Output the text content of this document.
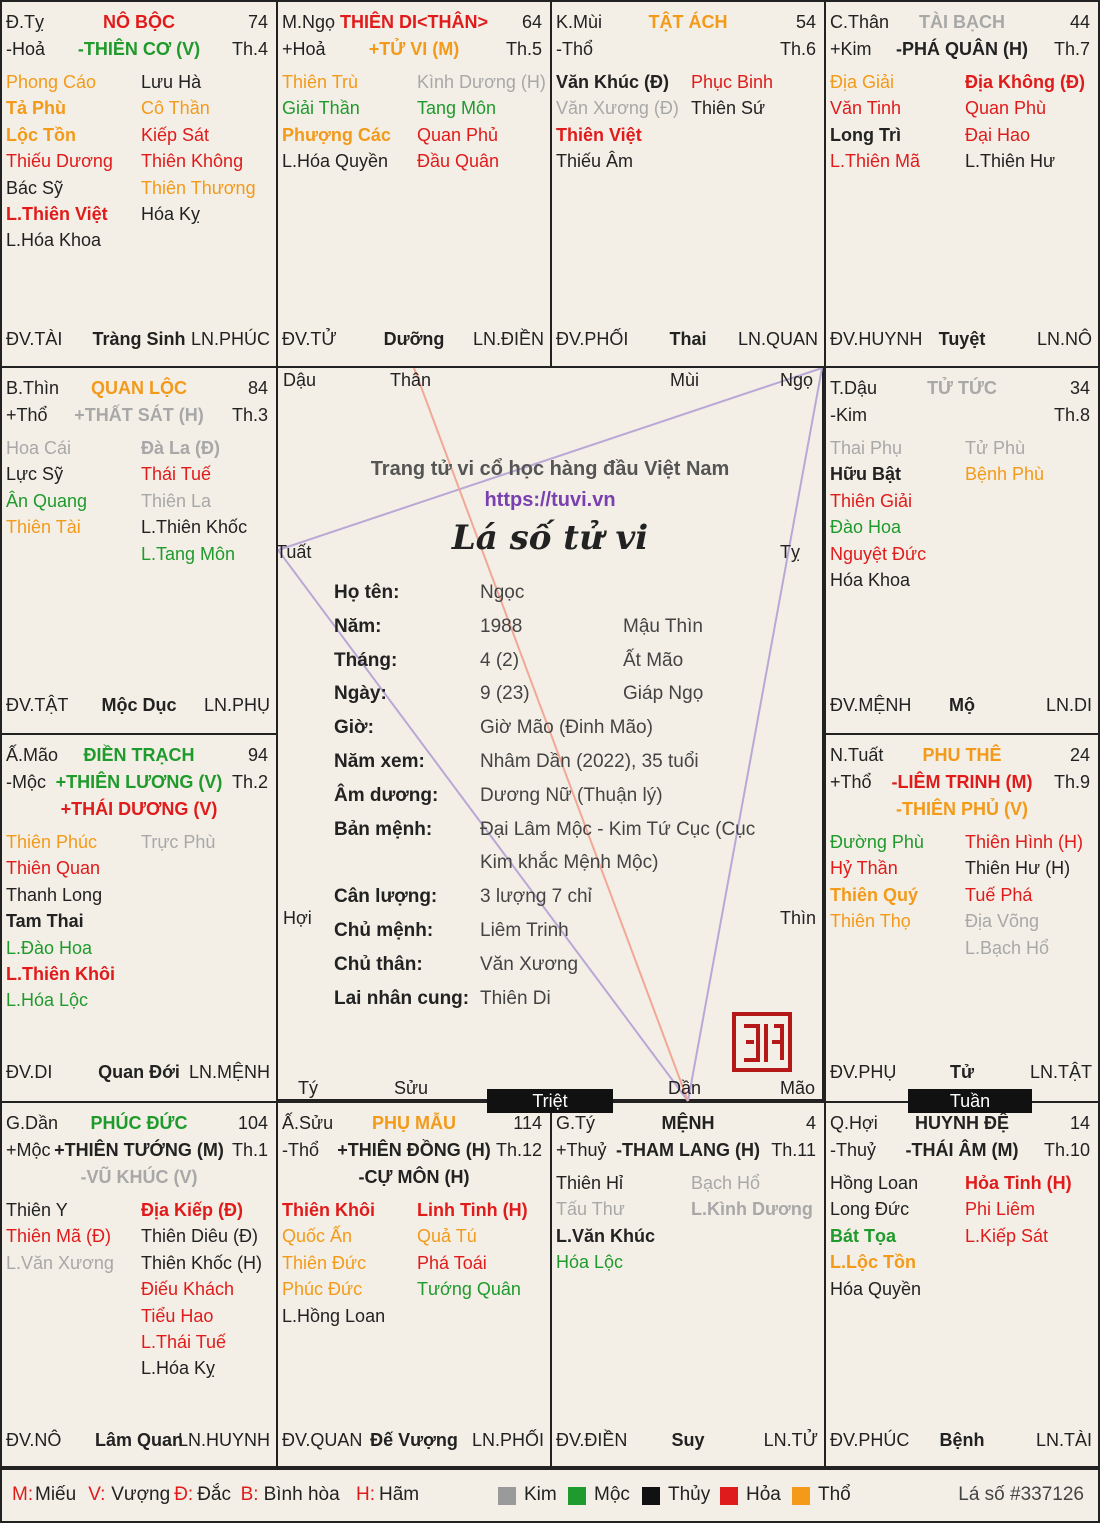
Đ.Tỵ
-Hoả
NÔ BỘC	74
Th.4
-THIÊN CƠ (V)
Phong Cáo
Tả Phù
Lộc Tồn
Thiếu Dương
Bác Sỹ
L.Thiên Việt
L.Hóa Khoa
Lưu Hà
Cô Thần
Kiếp Sát
Thiên Không
Thiên Thương
Hóa Kỵ
ĐV.TÀI	Tràng Sinh LN.PHÚC
M.Ngọ
+Hoả
THIÊN DI<THÂN>	64
Th.5
+TỬ VI (M)
Thiên Trù
Giải Thần
Phượng Các
L.Hóa Quyền
Kình Dương (H)
Tang Môn
Quan Phủ
Đầu Quân
ĐV.TỬ	Dưỡng	LN.ĐIỀN
K.Mùi
-Thổ
TẬT ÁCH	54
Th.6
Văn Khúc (Đ)
Văn Xương (Đ)
Thiên Việt
Thiếu Âm
Phục Binh
Thiên Sứ
ĐV.PHỐI	Thai	LN.QUAN
C.Thân
+Kim
TÀI BẠCH	44
Th.7
-PHÁ QUÂN (H)
Địa Giải
Văn Tinh
Long Trì
L.Thiên Mã
Địa Không (Đ)
Quan Phù
Đại Hao
L.Thiên Hư
ĐV.HUYNH Tuyệt	LN.NÔ
B.Thìn
+Thổ
QUAN LỘC	84
Th.3
+THẤT SÁT (H)
Hoa Cái
Lực Sỹ
Ân Quang
Thiên Tài
Đà La (Đ)
Thái Tuế
Thiên La
L.Thiên Khốc
L.Tang Môn
ĐV.TẬT	Mộc Dục	LN.PHỤ
T.Dậu
-Kim
TỬ TỨC	34
Th.8
Thai Phụ
Hữu Bật
Thiên Giải
Đào Hoa
Nguyệt Đức
Hóa Khoa
Tử Phù
Bệnh Phù
ĐV.MỆNH	Mộ	LN.DI
Ấ.Mão
-Mộc
ĐIỀN TRẠCH	94
Th.2
+THIÊN LƯƠNG (V)
+THÁI DƯƠNG (V)
Thiên Phúc
Thiên Quan
Thanh Long
Tam Thai
L.Đào Hoa
L.Thiên Khôi
L.Hóa Lộc
Trực Phù
ĐV.DI	Quan Đới LN.MỆNH
N.Tuất
+Thổ
PHU THÊ	24
Th.9
-LIÊM TRINH (M)
-THIÊN PHỦ (V)
Đường Phù
Hỷ Thần
Thiên Quý
Thiên Thọ
Thiên Hình (H)
Thiên Hư (H)
Tuế Phá
Địa Võng
L.Bạch Hổ
ĐV.PHỤ	Tử	LN.TẬT
G.Dần
+Mộc
PHÚC ĐỨC	104
Th.1
+THIÊN TƯỚNG (M)
-VŨ KHÚC (V)
Thiên Y
Thiên Mã (Đ)
L.Văn Xương
Địa Kiếp (Đ)
Thiên Diêu (Đ)
Thiên Khốc (H)
Điếu Khách
Tiểu Hao
L.Thái Tuế
L.Hóa Kỵ
ĐV.NÔ	Lâm Quan
LN.HUYNH
Ấ.Sửu
-Thổ
PHỤ MẪU	114
Th.12
+THIÊN ĐỒNG (H)
-CỰ MÔN (H)
Thiên Khôi
Quốc Ấn
Thiên Đức
Phúc Đức
L.Hồng Loan
Linh Tinh (H)
Quả Tú
Phá Toái
Tướng Quân
ĐV.QUAN Đế Vượng LN.PHỐI
G.Tý
+Thuỷ
MỆNH	4
Th.11
-THAM LANG (H)
Thiên Hỉ
Tấu Thư
L.Văn Khúc
Hóa Lộc
Bạch Hổ
L.Kình Dương
ĐV.ĐIỀN	Suy	LN.TỬ
Q.Hợi
-Thuỷ
HUYNH ĐỆ	14
Th.10
-THÁI ÂM (M)
Hồng Loan
Long Đức
Bát Tọa
L.Lộc Tồn
Hóa Quyền
Hỏa Tinh (H)
Phi Liêm
L.Kiếp Sát
ĐV.PHÚC	Bệnh	LN.TÀI
Dậu	Thân	Mùi	Ngọ
Tuất	Tỵ
Hợi	Thìn
Tý	Sửu	Dần	Mão
Trang tử vi cổ học hàng đầu Việt Nam
https://tuvi.vn
Lá số tử vi
Họ tên:	Ngọc
Năm:	1988	Mậu Thìn
Tháng:	4 (2)	Ất Mão
Ngày:	9 (23)	Giáp Ngọ
Giờ:	Giờ Mão (Đinh Mão)
Năm xem:	Nhâm Dần (2022), 35 tuổi
Âm dương: Dương Nữ (Thuận lý)
Bản mệnh:	Đại Lâm Mộc - Kim Tứ Cục (Cục
Kim khắc Mệnh Mộc)
Cân lượng: 3 lượng 7 chỉ
Chủ mệnh: Liêm Trinh
Chủ thân:	Văn Xương
Lai nhân cung: Thiên Di
Triệt	Tuần
M: Miếu V: Vượng Đ: Đắc B: Bình hòa H: Hãm	Kim Mộc Thủy Hỏa Thổ	Lá số #337126
